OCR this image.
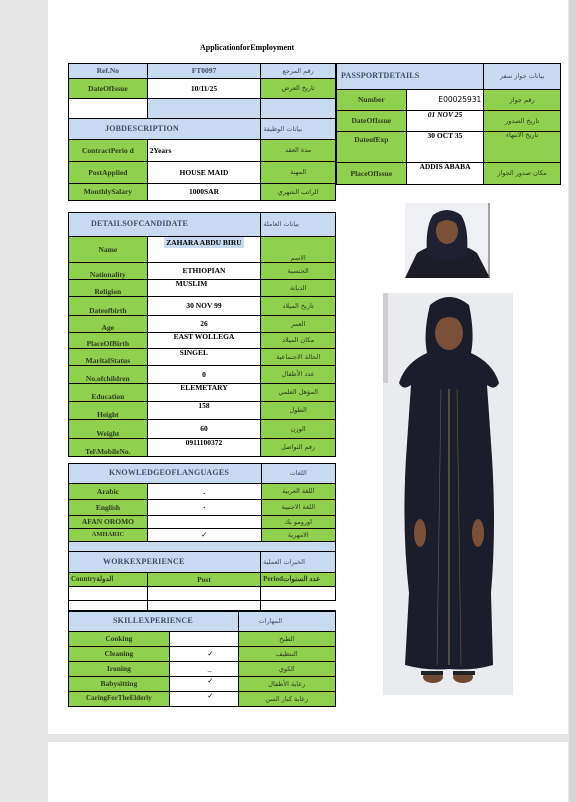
ApplicationforEmployment
Ref.No	FT0097	رقم المرجع
DateOfIssue	10/11/25	تاريخ العرض

JOBDESCRIPTION		بيانات الوظيفة
ContractPerio d	2Years	مدة العقد
PostApplied	HOUSE MAID	المهنة
MonthlySalary	1000SAR	الراتب الشهري
PASSPORTDETAILS		بيانات جواز سفر
Number	E00025931	رقم جواز
DateOfIssue	01 NOV 25	تاريخ الصدور
DateofExp	30 OCT 35	تاريخ الانتهاء
PlaceOfIssue	ADDIS ABABA	مكان صدور الجواز
DETAILSOFCANDIDATE		بيانات العاملة
Name	ZAHARA ABDU BIRU	الاسم
Nationality	ETHIOPIAN	الجنسية
Religion	MUSLIM	الديانة
Dateofbirth	30 NOV 99	تاريخ الميلاد
Age	26	العمر
PlaceOfBirth	EAST WOLLEGA	مكان الميلاد
MaritalStatus	SINGEL	الحالة الاجتماعية
No.ofchildren	0	عدد الأطفال
Education	ELEMETARY	المؤهل العلمي
Height	158	الطول
Weight	60	الوزن
Tel\MobileNo.	0911100372	رقم التواصل
KNOWLEDGEOFLANGUAGES		اللغات
Arabic	.	اللغة العربية
English	·	اللغة الاجنبية
AFAN OROMO		اورومو بك
AMHARIC	✓	الامهرية

WORKEXPERIENCE		الخبرات العملية
Countryالدولة	Post	Periodعدد السنوات

SKILLEXPERIENCE		المهارات
Cooking		الطبخ
Cleaning	✓	التنظيف
Ironing	_	الكوي
Babysitting	✓	رعاية الأطفال
CaringForTheElderly	✓	رعاية كبار السن
